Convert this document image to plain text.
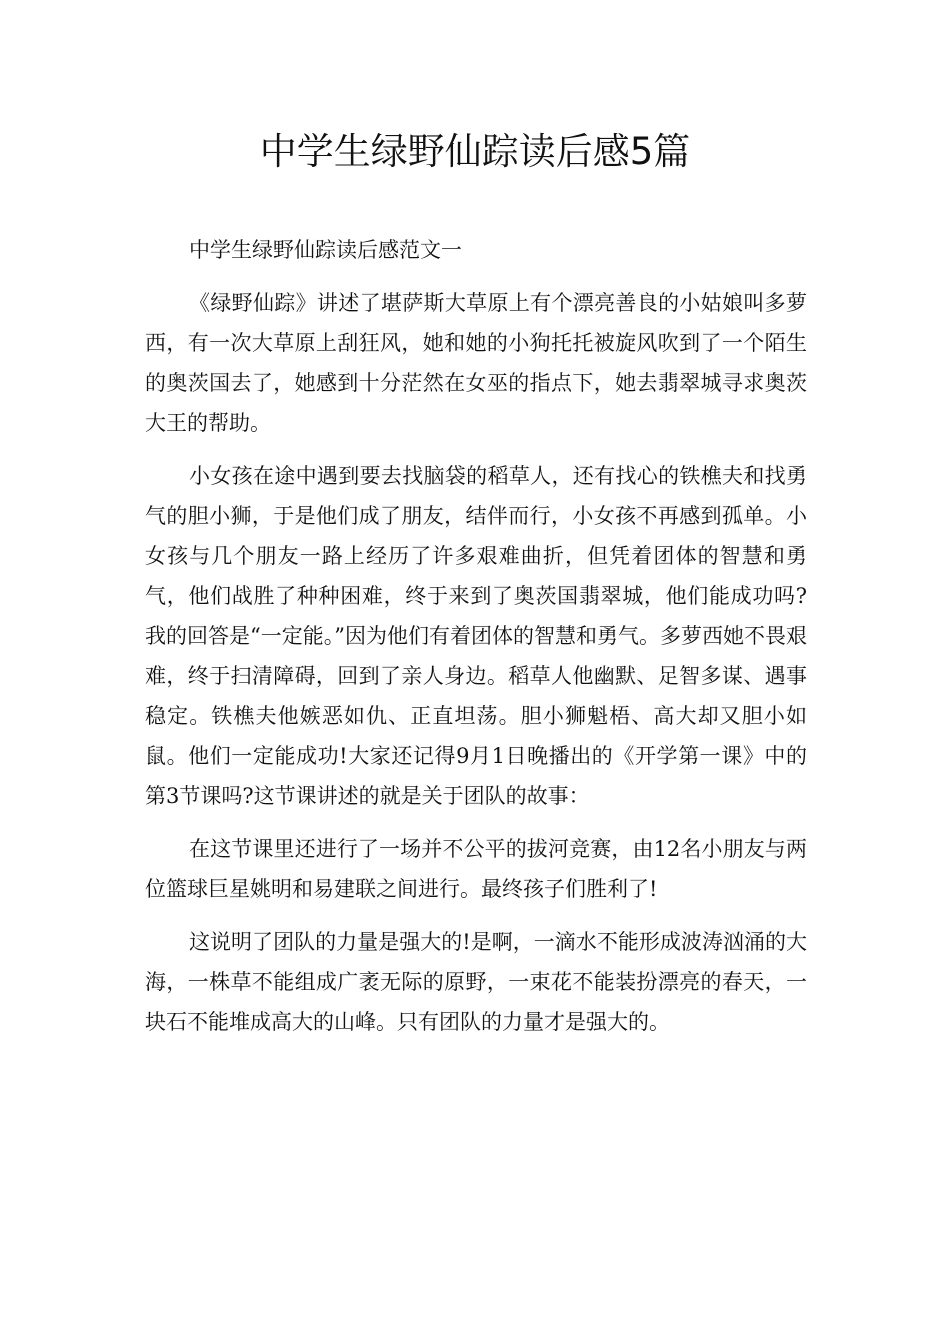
中学生绿野仙踪读后感5篇

中学生绿野仙踪读后感范文一

《绿野仙踪》讲述了堪萨斯大草原上有个漂亮善良的小姑娘叫多萝西，有一次大草原上刮狂风，她和她的小狗托托被旋风吹到了一个陌生的奥茨国去了，她感到十分茫然在女巫的指点下，她去翡翠城寻求奥茨大王的帮助。

小女孩在途中遇到要去找脑袋的稻草人，还有找心的铁樵夫和找勇气的胆小狮，于是他们成了朋友，结伴而行，小女孩不再感到孤单。小女孩与几个朋友一路上经历了许多艰难曲折，但凭着团体的智慧和勇气，他们战胜了种种困难，终于来到了奥茨国翡翠城，他们能成功吗?我的回答是“一定能。”因为他们有着团体的智慧和勇气。多萝西她不畏艰难，终于扫清障碍，回到了亲人身边。稻草人他幽默、足智多谋、遇事稳定。铁樵夫他嫉恶如仇、正直坦荡。胆小狮魁梧、高大却又胆小如鼠。他们一定能成功!大家还记得9月1日晚播出的《开学第一课》中的第3节课吗?这节课讲述的就是关于团队的故事：

在这节课里还进行了一场并不公平的拔河竞赛，由12名小朋友与两位篮球巨星姚明和易建联之间进行。最终孩子们胜利了!

这说明了团队的力量是强大的!是啊，一滴水不能形成波涛汹涌的大海，一株草不能组成广袤无际的原野，一束花不能装扮漂亮的春天，一块石不能堆成高大的山峰。只有团队的力量才是强大的。
